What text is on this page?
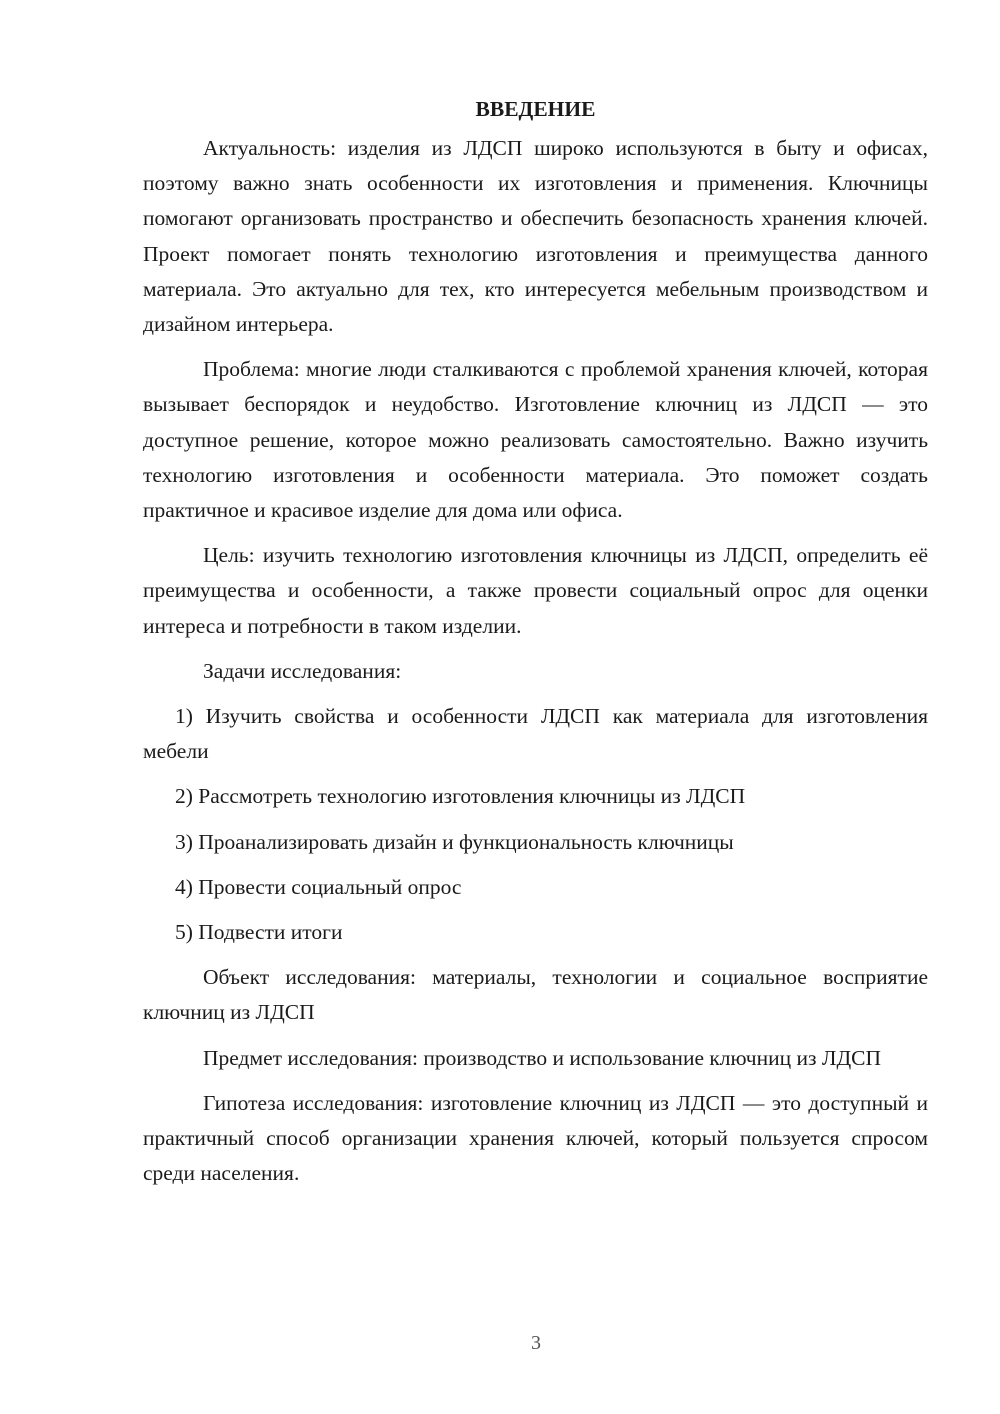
ВВЕДЕНИЕ

Актуальность: изделия из ЛДСП широко используются в быту и офисах, поэтому важно знать особенности их изготовления и применения. Ключницы помогают организовать пространство и обеспечить безопасность хранения ключей. Проект помогает понять технологию изготовления и преимущества данного материала. Это актуально для тех, кто интересуется мебельным производством и дизайном интерьера.

Проблема: многие люди сталкиваются с проблемой хранения ключей, которая вызывает беспорядок и неудобство. Изготовление ключниц из ЛДСП — это доступное решение, которое можно реализовать самостоятельно. Важно изучить технологию изготовления и особенности материала. Это поможет создать практичное и красивое изделие для дома или офиса.

Цель: изучить технологию изготовления ключницы из ЛДСП, определить её преимущества и особенности, а также провести социальный опрос для оценки интереса и потребности в таком изделии.

Задачи исследования:

1) Изучить свойства и особенности ЛДСП как материала для изготовления мебели

2) Рассмотреть технологию изготовления ключницы из ЛДСП

3) Проанализировать дизайн и функциональность ключницы

4) Провести социальный опрос

5) Подвести итоги

Объект исследования: материалы, технологии и социальное восприятие ключниц из ЛДСП

Предмет исследования: производство и использование ключниц из ЛДСП

Гипотеза исследования: изготовление ключниц из ЛДСП — это доступный и практичный способ организации хранения ключей, который пользуется спросом среди населения.

3
